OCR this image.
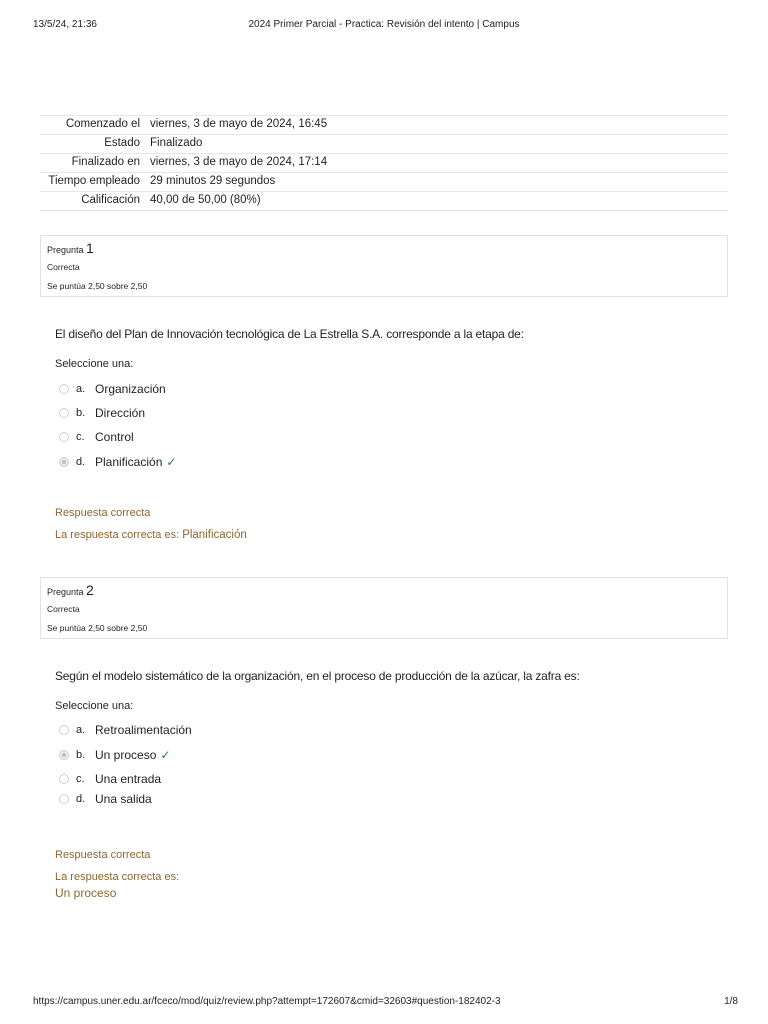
13/5/24, 21:36	2024 Primer Parcial - Practica: Revisión del intento | Campus
Comenzado el	viernes, 3 de mayo de 2024, 16:45
Estado	Finalizado
Finalizado en	viernes, 3 de mayo de 2024, 17:14
Tiempo empleado	29 minutos 29 segundos
Calificación	40,00 de 50,00 (80%)
Pregunta 1
Correcta
Se puntúa 2,50 sobre 2,50
El diseño del Plan de Innovación tecnológica de La Estrella S.A. corresponde a la etapa de:
Seleccione una:
a. Organización
b. Dirección
c. Control
d. Planificación ✓
Respuesta correcta
La respuesta correcta es: Planificación
Pregunta 2
Correcta
Se puntúa 2,50 sobre 2,50
Según el modelo sistemático de la organización, en el proceso de producción de la azúcar, la zafra es:
Seleccione una:
a. Retroalimentación
b. Un proceso ✓
c. Una entrada
d. Una salida
Respuesta correcta
La respuesta correcta es:
Un proceso
https://campus.uner.edu.ar/fceco/mod/quiz/review.php?attempt=172607&cmid=32603#question-182402-3	1/8
